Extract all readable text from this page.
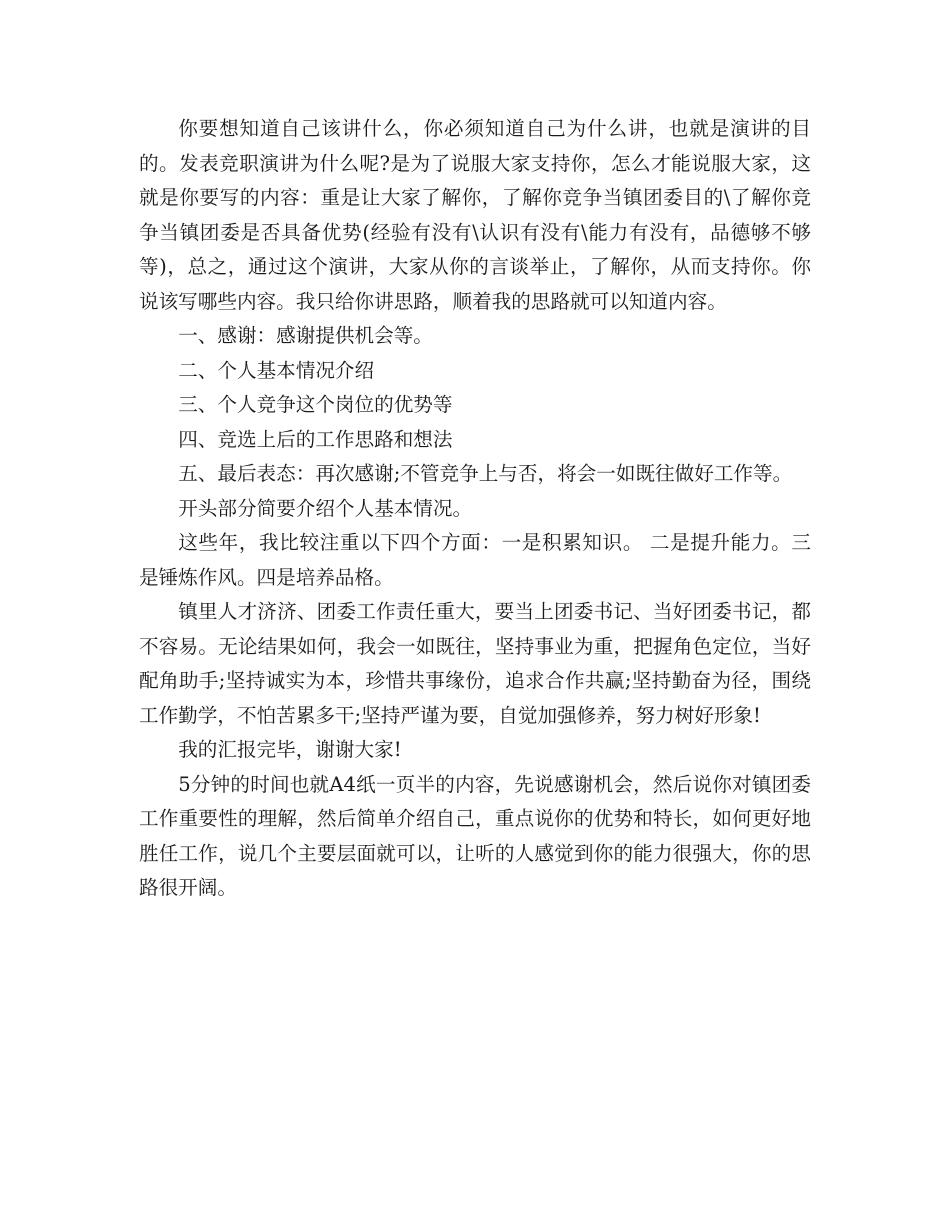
你要想知道自己该讲什么，你必须知道自己为什么讲，也就是演讲的目的。发表竞职演讲为什么呢?是为了说服大家支持你，怎么才能说服大家，这就是你要写的内容：重是让大家了解你，了解你竞争当镇团委目的\了解你竞争当镇团委是否具备优势(经验有没有\认识有没有\能力有没有，品德够不够等)，总之，通过这个演讲，大家从你的言谈举止，了解你，从而支持你。你说该写哪些内容。我只给你讲思路，顺着我的思路就可以知道内容。

一、感谢：感谢提供机会等。

二、个人基本情况介绍

三、个人竞争这个岗位的优势等

四、竞选上后的工作思路和想法

五、最后表态：再次感谢;不管竞争上与否，将会一如既往做好工作等。

开头部分简要介绍个人基本情况。

这些年，我比较注重以下四个方面：一是积累知识。 二是提升能力。三是锤炼作风。四是培养品格。

镇里人才济济、团委工作责任重大，要当上团委书记、当好团委书记，都不容易。无论结果如何，我会一如既往，坚持事业为重，把握角色定位，当好配角助手;坚持诚实为本，珍惜共事缘份，追求合作共赢;坚持勤奋为径，围绕工作勤学，不怕苦累多干;坚持严谨为要，自觉加强修养，努力树好形象!

我的汇报完毕，谢谢大家!

5分钟的时间也就A4纸一页半的内容，先说感谢机会，然后说你对镇团委工作重要性的理解，然后简单介绍自己，重点说你的优势和特长，如何更好地胜任工作，说几个主要层面就可以，让听的人感觉到你的能力很强大，你的思路很开阔。
